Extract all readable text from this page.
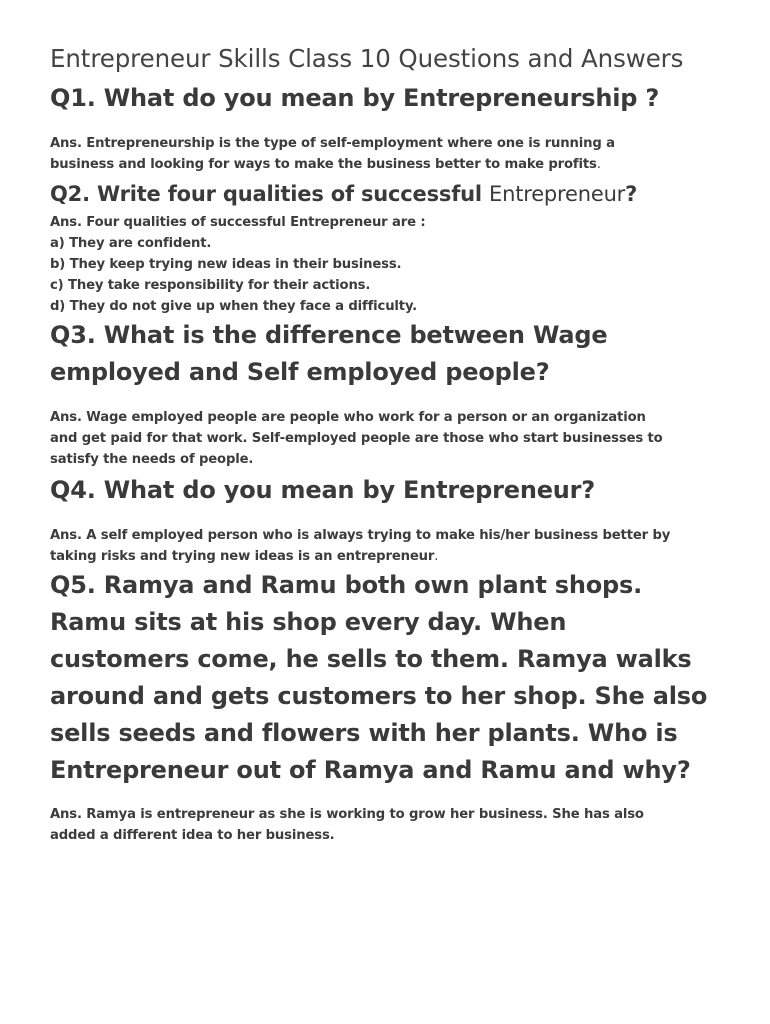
Entrepreneur Skills Class 10 Questions and Answers
Q1. What do you mean by Entrepreneurship ?

Ans. Entrepreneurship is the type of self-employment where one is running a
business and looking for ways to make the business better to make profits.

Q2. Write four qualities of successful Entrepreneur?

Ans. Four qualities of successful Entrepreneur are :
a) They are confident.
b) They keep trying new ideas in their business.
c) They take responsibility for their actions.
d) They do not give up when they face a difficulty.

Q3. What is the difference between Wage
employed and Self employed people?

Ans. Wage employed people are people who work for a person or an organization
and get paid for that work. Self-employed people are those who start businesses to
satisfy the needs of people.

Q4. What do you mean by Entrepreneur?

Ans. A self employed person who is always trying to make his/her business better by
taking risks and trying new ideas is an entrepreneur.

Q5. Ramya and Ramu both own plant shops.
Ramu sits at his shop every day. When
customers come, he sells to them. Ramya walks
around and gets customers to her shop. She also
sells seeds and flowers with her plants. Who is
Entrepreneur out of Ramya and Ramu and why?

Ans. Ramya is entrepreneur as she is working to grow her business. She has also
added a different idea to her business.
